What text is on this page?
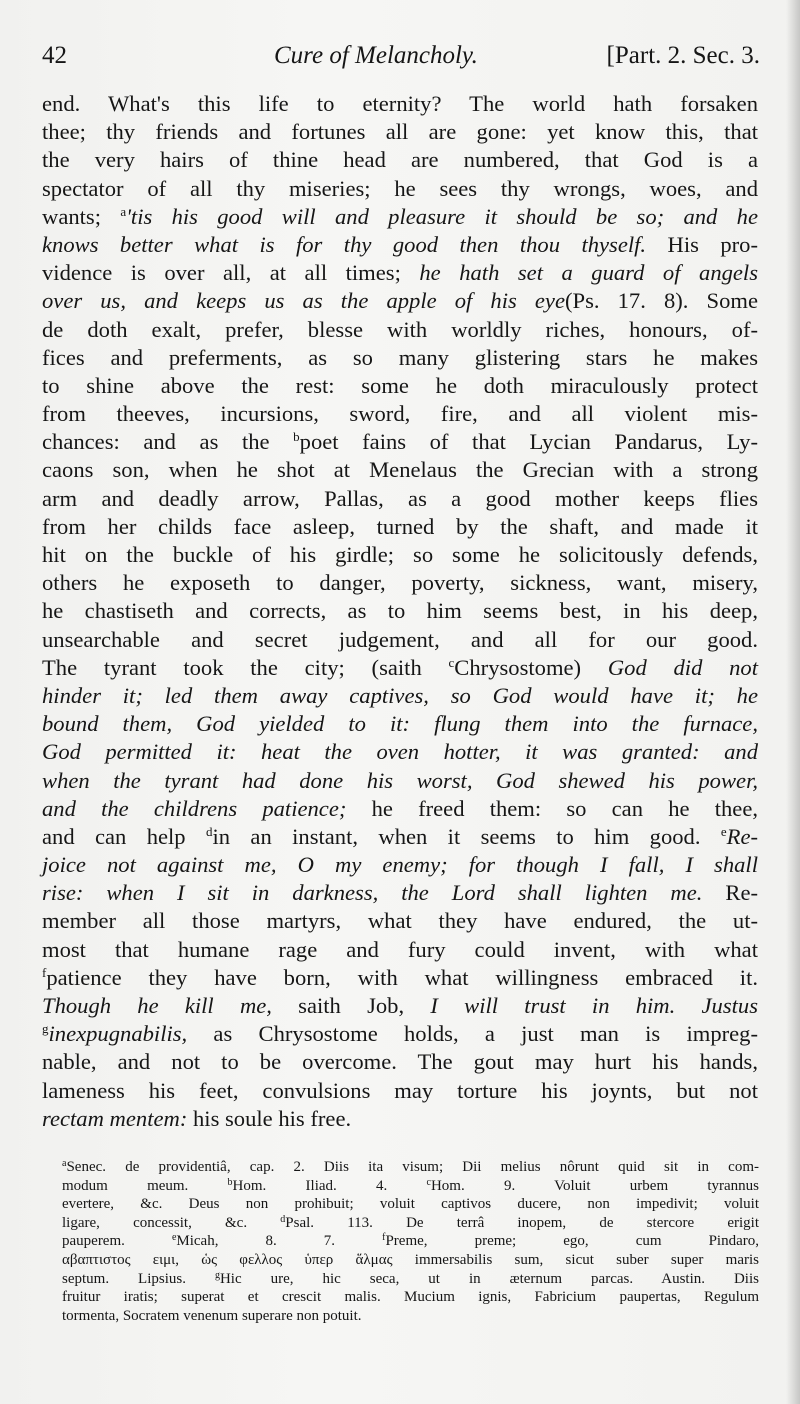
42	Cure of Melancholy.	[Part. 2. Sec. 3.
end. What's this life to eternity? The world hath forsaken
thee; thy friends and fortunes all are gone: yet know this, that
the very hairs of thine head are numbered, that God is a
spectator of all thy miseries; he sees thy wrongs, woes, and
wants; $^a$'tis his good will and pleasure it should be so; and he
knows better what is for thy good then thou thyself. His pro-
vidence is over all, at all times; he hath set a guard of angels
over us, and keeps us as the apple of his eye(Ps. 17. 8). Some
de doth exalt, prefer, blesse with worldly riches, honours, of-
fices and preferments, as so many glistering stars he makes
to shine above the rest: some he doth miraculously protect
from theeves, incursions, sword, fire, and all violent mis-
chances: and as the $^b$poet fains of that Lycian Pandarus, Ly-
caons son, when he shot at Menelaus the Grecian with a strong
arm and deadly arrow, Pallas, as a good mother keeps flies
from her childs face asleep, turned by the shaft, and made it
hit on the buckle of his girdle; so some he solicitously defends,
others he exposeth to danger, poverty, sickness, want, misery,
he chastiseth and corrects, as to him seems best, in his deep,
unsearchable and secret judgement, and all for our good.
The tyrant took the city; (saith $^c$Chrysostome) God did not
hinder it; led them away captives, so God would have it; he
bound them, God yielded to it: flung them into the furnace,
God permitted it: heat the oven hotter, it was granted: and
when the tyrant had done his worst, God shewed his power,
and the childrens patience; he freed them: so can he thee,
and can help $^d$in an instant, when it seems to him good. $^e$Re-
joice not against me, O my enemy; for though I fall, I shall
rise: when I sit in darkness, the Lord shall lighten me. Re-
member all those martyrs, what they have endured, the ut-
most that humane rage and fury could invent, with what
$^f$patience they have born, with what willingness embraced it.
Though he kill me, saith Job, I will trust in him. Justus
$^g$inexpugnabilis, as Chrysostome holds, a just man is impreg-
nable, and not to be overcome. The gout may hurt his hands,
lameness his feet, convulsions may torture his joynts, but not
rectam mentem: his soule his free.
$^a$Senec. de providentiâ, cap. 2. Diis ita visum; Dii melius nôrunt quid sit in com-
modum meum. $^b$Hom. Iliad. 4. $^c$Hom. 9. Voluit urbem tyrannus
evertere, &c. Deus non prohibuit; voluit captivos ducere, non impedivit; voluit
ligare, concessit, &c. $^d$Psal. 113. De terrâ inopem, de stercore erigit
pauperem. $^e$Micah, 8. 7. $^f$Preme, preme; ego, cum Pindaro,
αβαπτιστος ειμι, ὡς φελλος ὑπερ ἅλμας immersabilis sum, sicut suber super maris
septum. Lipsius. $^g$Hic ure, hic seca, ut in æternum parcas. Austin. Diis
fruitur iratis; superat et crescit malis. Mucium ignis, Fabricium paupertas, Regulum
tormenta, Socratem venenum superare non potuit.
